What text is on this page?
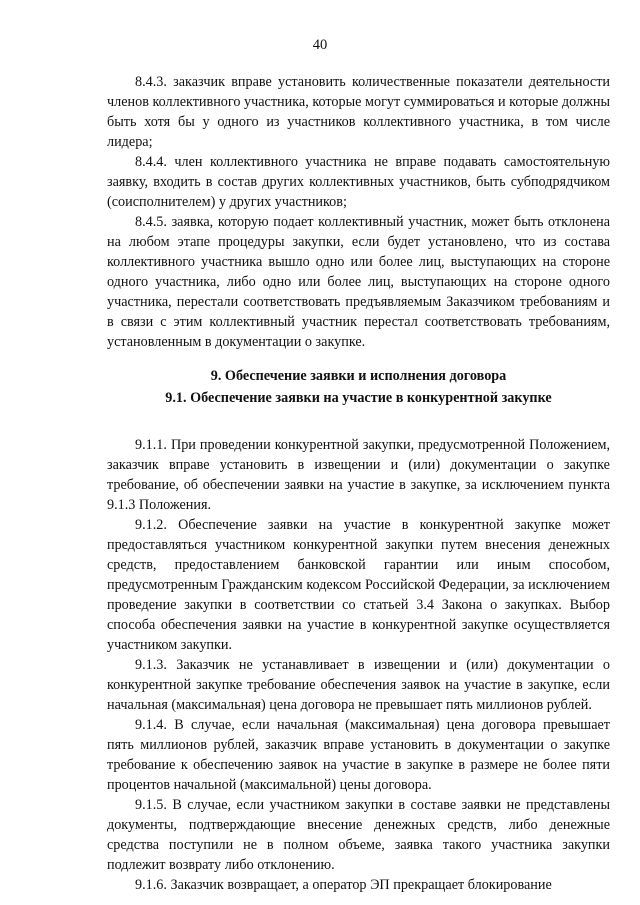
40

8.4.3. заказчик вправе установить количественные показатели деятельности членов коллективного участника, которые могут суммироваться и которые должны быть хотя бы у одного из участников коллективного участника, в том числе лидера;

8.4.4. член коллективного участника не вправе подавать самостоятельную заявку, входить в состав других коллективных участников, быть субподрядчиком (соисполнителем) у других участников;

8.4.5. заявка, которую подает коллективный участник, может быть отклонена на любом этапе процедуры закупки, если будет установлено, что из состава коллективного участника вышло одно или более лиц, выступающих на стороне одного участника, либо одно или более лиц, выступающих на стороне одного участника, перестали соответствовать предъявляемым Заказчиком требованиям и в связи с этим коллективный участник перестал соответствовать требованиям, установленным в документации о закупке.

9. Обеспечение заявки и исполнения договора

9.1. Обеспечение заявки на участие в конкурентной закупке

9.1.1. При проведении конкурентной закупки, предусмотренной Положением, заказчик вправе установить в извещении и (или) документации о закупке требование, об обеспечении заявки на участие в закупке, за исключением пункта 9.1.3 Положения.

9.1.2. Обеспечение заявки на участие в конкурентной закупке может предоставляться участником конкурентной закупки путем внесения денежных средств, предоставлением банковской гарантии или иным способом, предусмотренным Гражданским кодексом Российской Федерации, за исключением проведение закупки в соответствии со статьей 3.4 Закона о закупках. Выбор способа обеспечения заявки на участие в конкурентной закупке осуществляется участником закупки.

9.1.3. Заказчик не устанавливает в извещении и (или) документации о конкурентной закупке требование обеспечения заявок на участие в закупке, если начальная (максимальная) цена договора не превышает пять миллионов рублей.

9.1.4. В случае, если начальная (максимальная) цена договора превышает пять миллионов рублей, заказчик вправе установить в документации о закупке требование к обеспечению заявок на участие в закупке в размере не более пяти процентов начальной (максимальной) цены договора.

9.1.5. В случае, если участником закупки в составе заявки не представлены документы, подтверждающие внесение денежных средств, либо денежные средства поступили не в полном объеме, заявка такого участника закупки подлежит возврату либо отклонению.

9.1.6. Заказчик возвращает, а оператор ЭП прекращает блокирование
